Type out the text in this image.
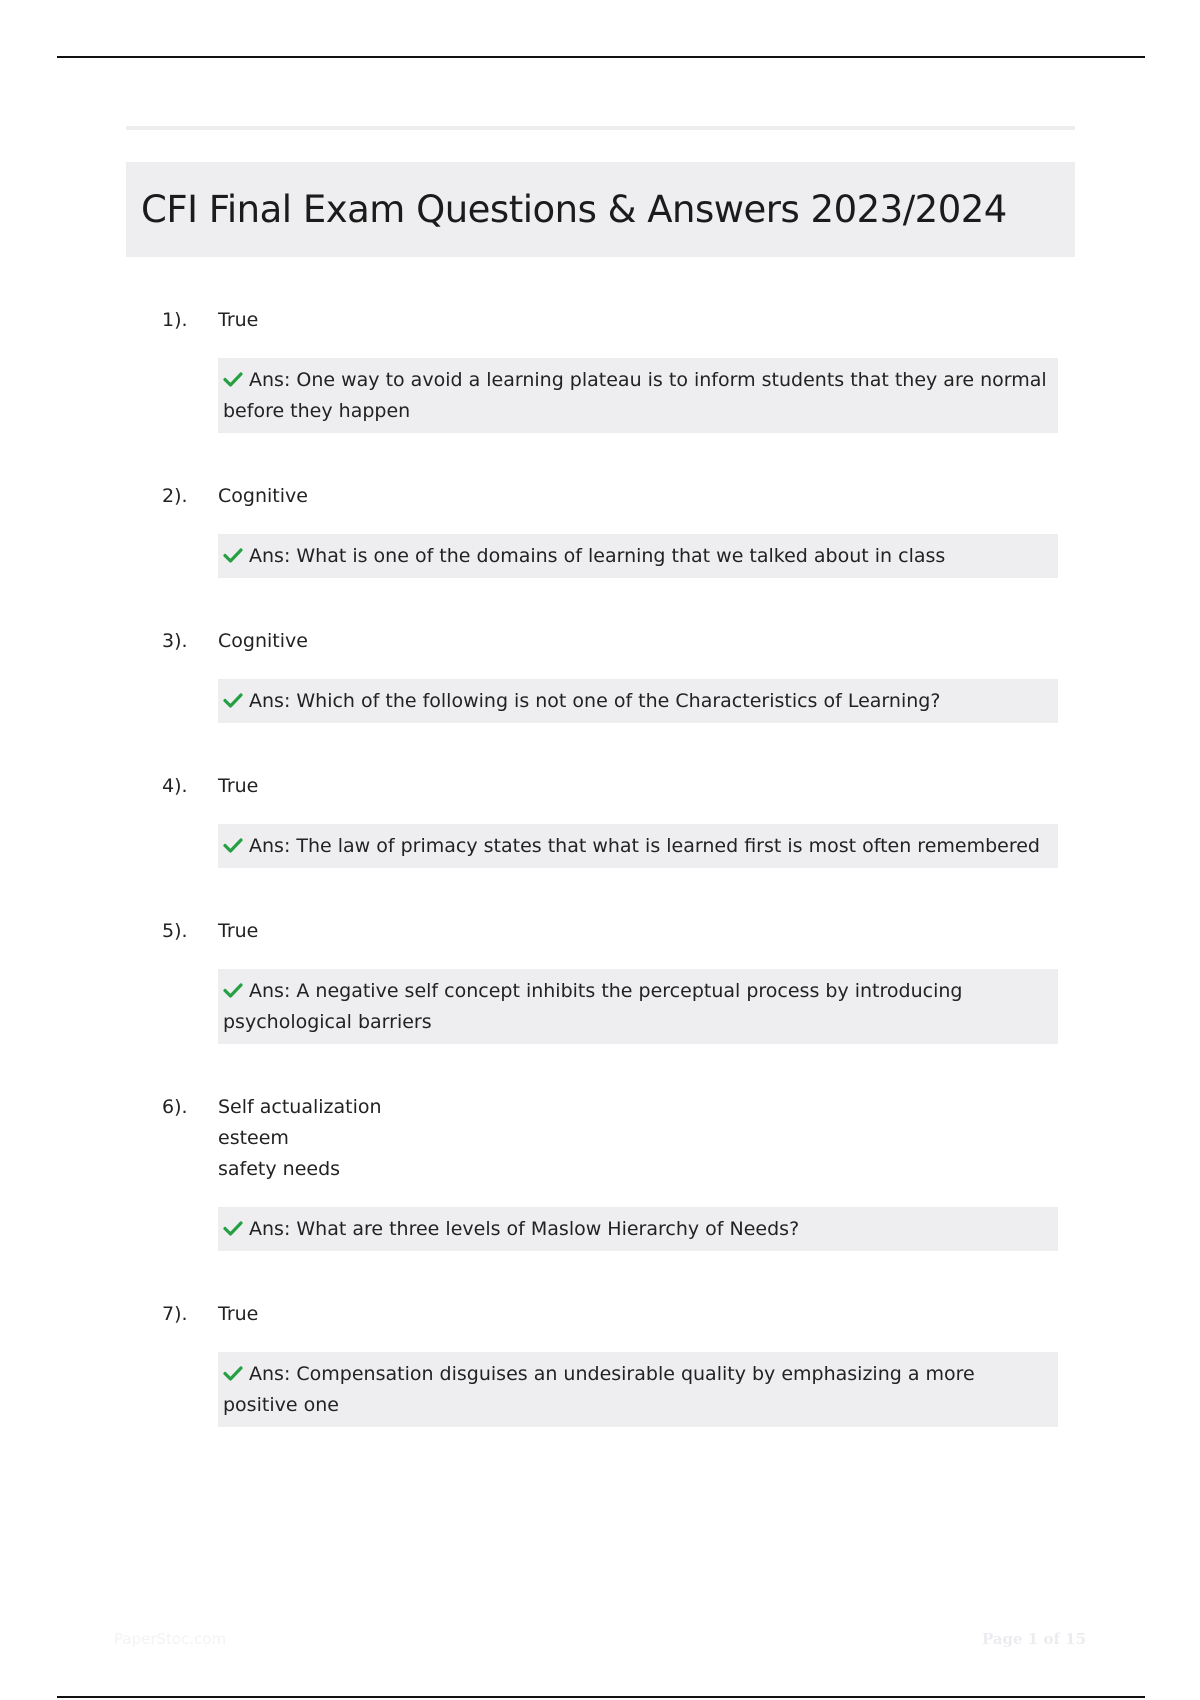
CFI Final Exam Questions & Answers 2023/2024
1).	True
Ans: One way to avoid a learning plateau is to inform students that they are normal before they happen
2).	Cognitive
Ans: What is one of the domains of learning that we talked about in class
3).	Cognitive
Ans: Which of the following is not one of the Characteristics of Learning?
4).	True
Ans: The law of primacy states that what is learned first is most often remembered
5).	True
Ans: A negative self concept inhibits the perceptual process by introducing psychological barriers
6).	Self actualization
esteem
safety needs
Ans: What are three levels of Maslow Hierarchy of Needs?
7).	True
Ans: Compensation disguises an undesirable quality by emphasizing a more positive one
PaperStoc.com	Page 1 of 15
